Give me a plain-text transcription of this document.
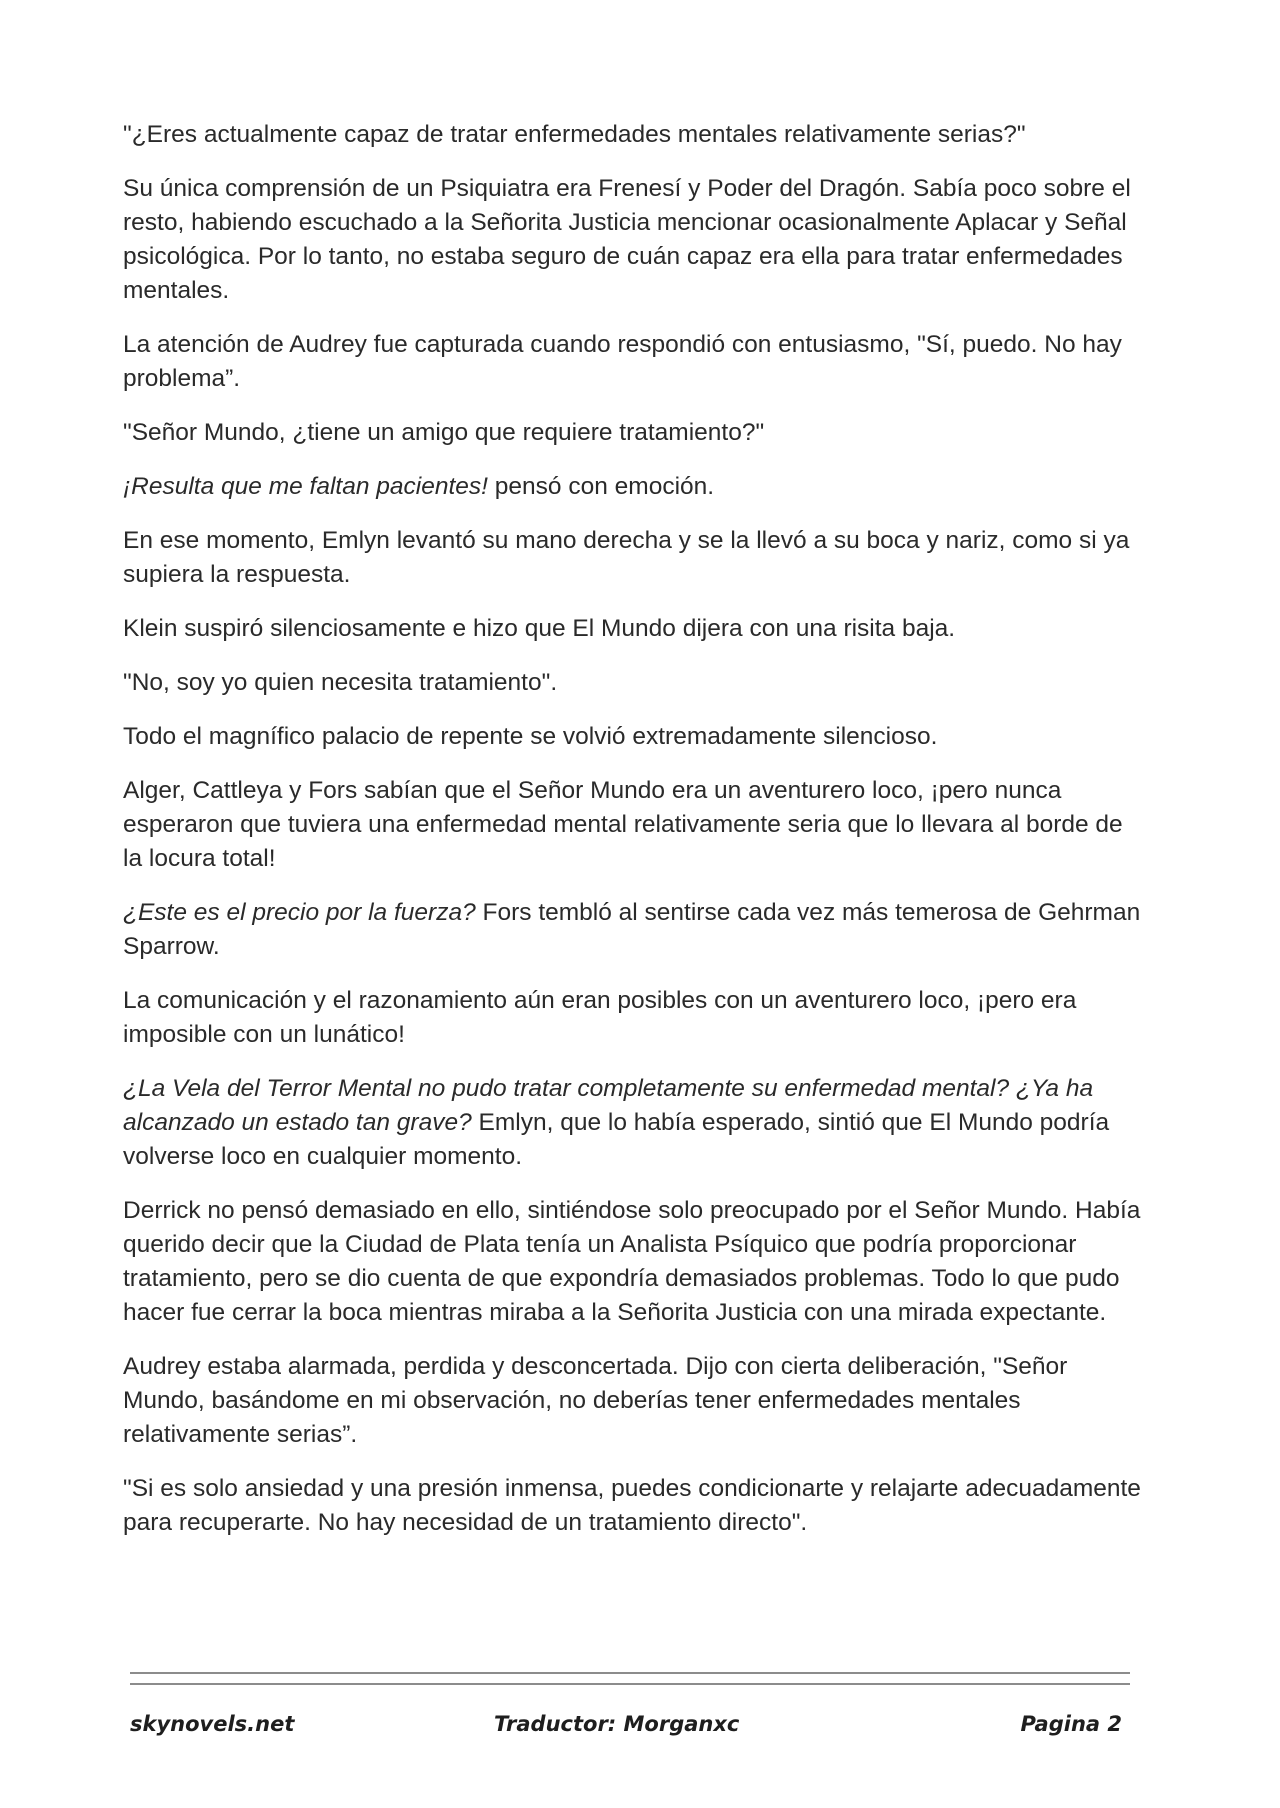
"¿Eres actualmente capaz de tratar enfermedades mentales relativamente serias?"

Su única comprensión de un Psiquiatra era Frenesí y Poder del Dragón. Sabía poco sobre el resto, habiendo escuchado a la Señorita Justicia mencionar ocasionalmente Aplacar y Señal psicológica. Por lo tanto, no estaba seguro de cuán capaz era ella para tratar enfermedades mentales.

La atención de Audrey fue capturada cuando respondió con entusiasmo, "Sí, puedo. No hay problema”.

"Señor Mundo, ¿tiene un amigo que requiere tratamiento?"

¡Resulta que me faltan pacientes! pensó con emoción.

En ese momento, Emlyn levantó su mano derecha y se la llevó a su boca y nariz, como si ya supiera la respuesta.

Klein suspiró silenciosamente e hizo que El Mundo dijera con una risita baja.

"No, soy yo quien necesita tratamiento".

Todo el magnífico palacio de repente se volvió extremadamente silencioso.

Alger, Cattleya y Fors sabían que el Señor Mundo era un aventurero loco, ¡pero nunca esperaron que tuviera una enfermedad mental relativamente seria que lo llevara al borde de la locura total!

¿Este es el precio por la fuerza? Fors tembló al sentirse cada vez más temerosa de Gehrman Sparrow.

La comunicación y el razonamiento aún eran posibles con un aventurero loco, ¡pero era imposible con un lunático!

¿La Vela del Terror Mental no pudo tratar completamente su enfermedad mental? ¿Ya ha alcanzado un estado tan grave? Emlyn, que lo había esperado, sintió que El Mundo podría volverse loco en cualquier momento.

Derrick no pensó demasiado en ello, sintiéndose solo preocupado por el Señor Mundo. Había querido decir que la Ciudad de Plata tenía un Analista Psíquico que podría proporcionar tratamiento, pero se dio cuenta de que expondría demasiados problemas. Todo lo que pudo hacer fue cerrar la boca mientras miraba a la Señorita Justicia con una mirada expectante.

Audrey estaba alarmada, perdida y desconcertada. Dijo con cierta deliberación, "Señor Mundo, basándome en mi observación, no deberías tener enfermedades mentales relativamente serias”.

"Si es solo ansiedad y una presión inmensa, puedes condicionarte y relajarte adecuadamente para recuperarte. No hay necesidad de un tratamiento directo".

skynovels.net	Traductor: Morganxc	Pagina 2
